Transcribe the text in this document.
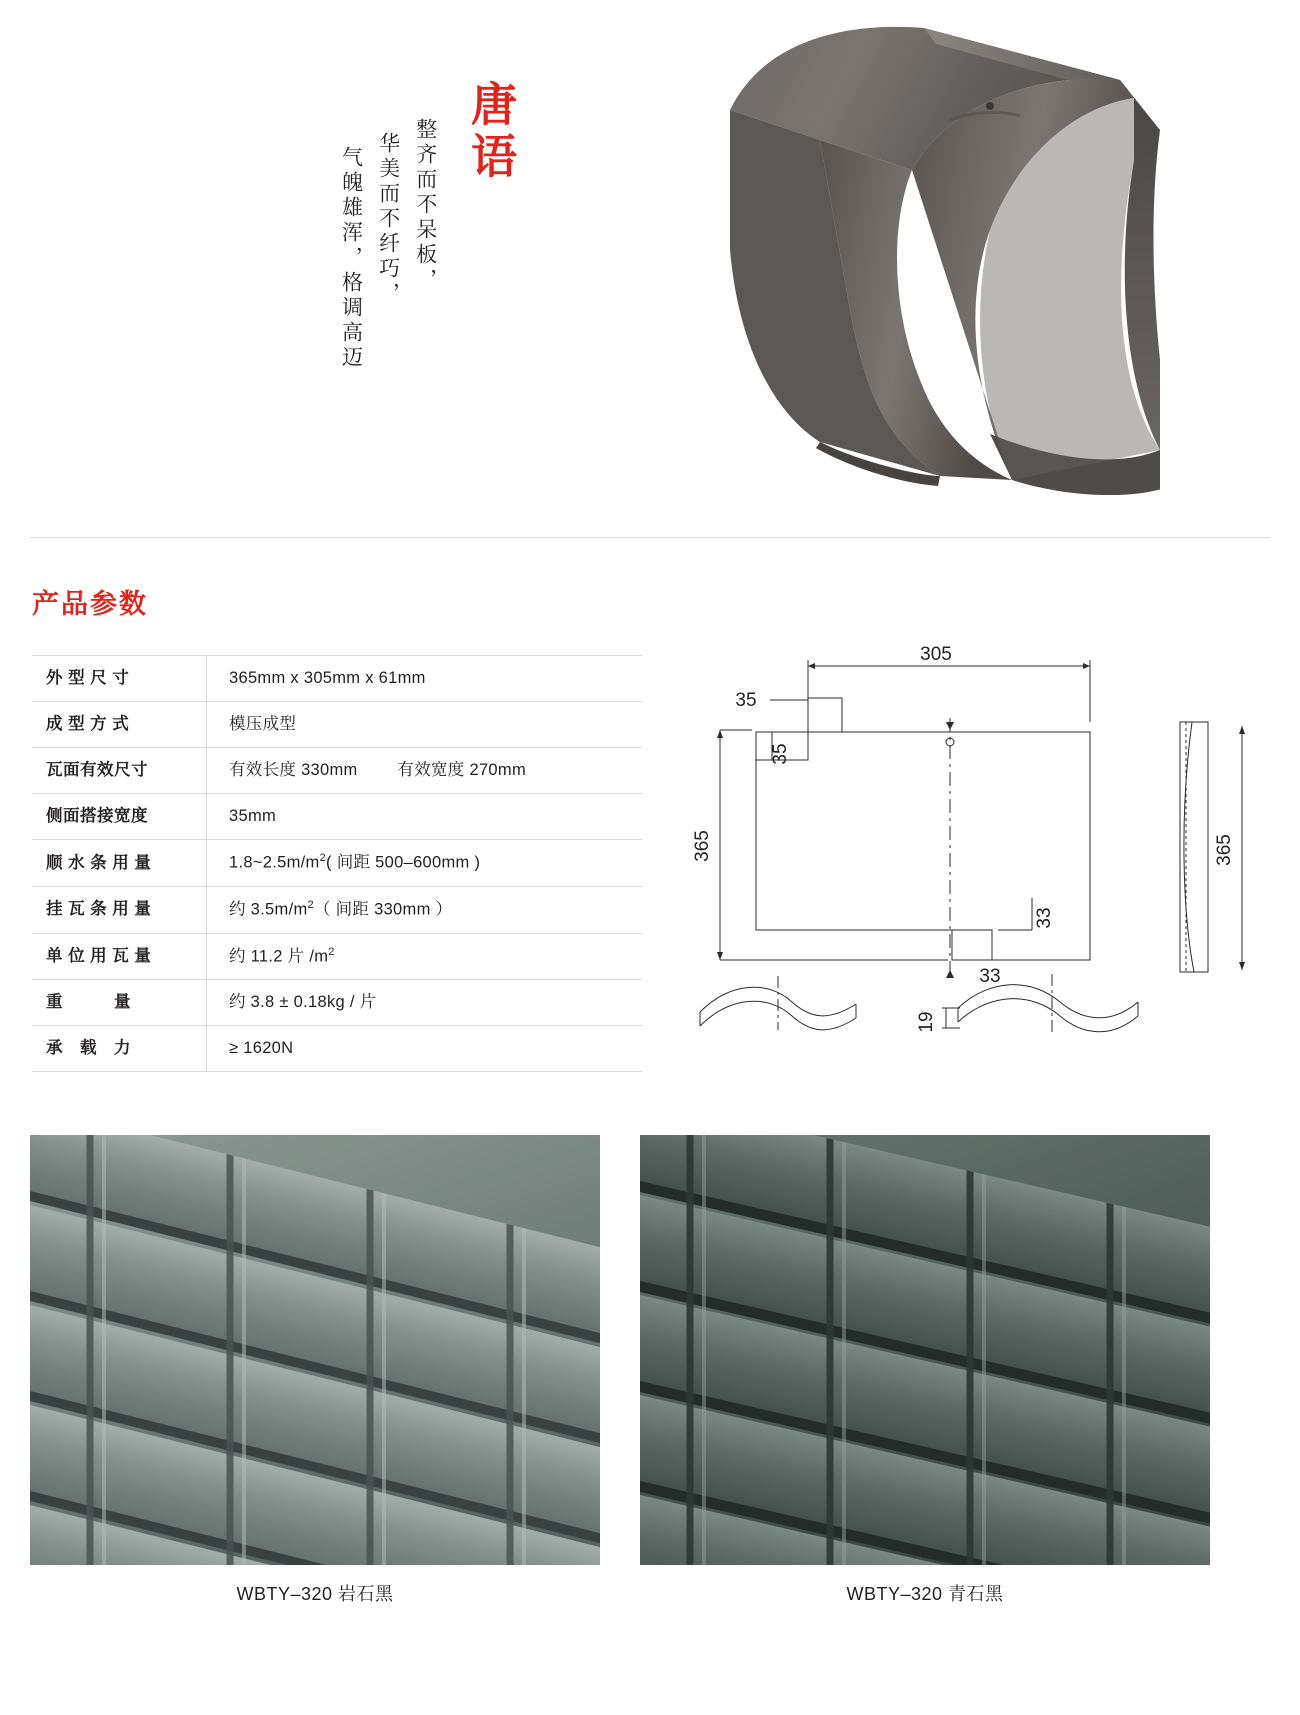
唐语
气魄雄浑，格调高迈 华美而不纤巧， 整齐而不呆板，
产品参数
外 型 尺 寸	365mm x 305mm x 61mm

成 型 方 式	模压成型

瓦面有效尺寸	有效长度 330mm 有效宽度 270mm

侧面搭接宽度	35mm

顺 水 条 用 量	$1.8\sim 2.5m/m^2$( 间距 500–600mm )

挂 瓦 条 用 量	约 $3.5m/m^2$（ 间距 330mm ）

单 位 用 瓦 量	约 11.2 片 $/m^2$

重　　　量	约 3.8 ± 0.18kg / 片

承　载　力	≥ 1620N
305
35
35
365	365
33
33
19
WBTY–320 岩石黑	WBTY–320 青石黑
